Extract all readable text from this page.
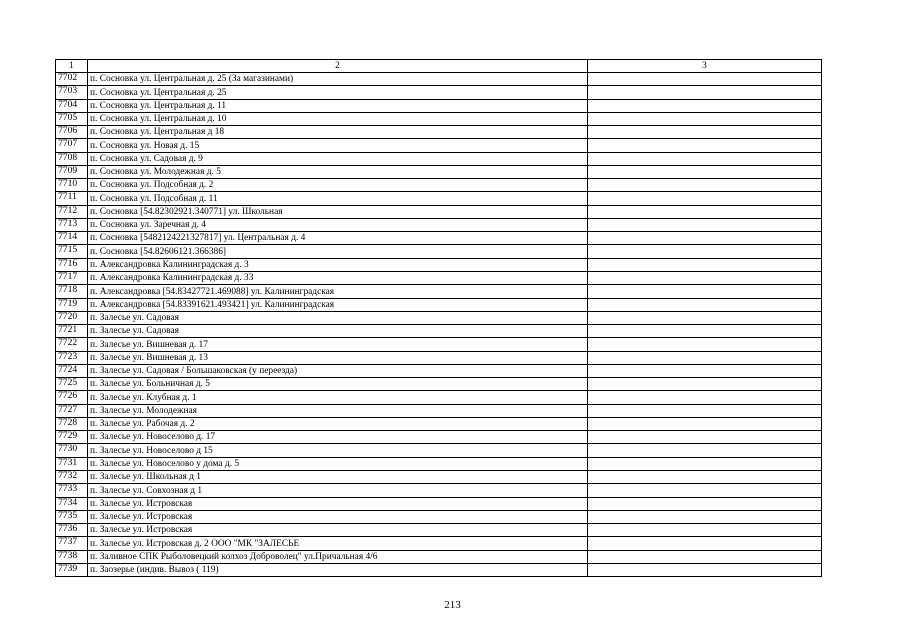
1	2	3
7702	п. Сосновка ул. Центральная д. 25 (За магазинами)	
7703	п. Сосновка ул. Центральная д. 25	
7704	п. Сосновка ул. Центральная д. 11	
7705	п. Сосновка ул. Центральная д. 10	
7706	п. Сосновка ул. Центральная д 18	
7707	п. Сосновка ул. Новая д. 15	
7708	п. Сосновка ул. Садовая д. 9	
7709	п. Сосновка ул. Молодежная д. 5	
7710	п. Сосновка ул. Подсобная д. 2	
7711	п. Сосновка ул. Подсобная д. 11	
7712	п. Сосновка [54.82302921.340771] ул. Школьная	
7713	п. Сосновка ул. Заречная д. 4	
7714	п. Сосновка [5482124221327817] ул. Центральная д. 4	
7715	п. Сосновка [54.82606121.366386]	
7716	п. Александровка Калининградская д. 3	
7717	п. Александровка Калининградская д. 33	
7718	п. Александровка [54.83427721.469088] ул. Калининградская	
7719	п. Александровка [54.83391621.493421] ул. Калининградская	
7720	п. Залесье ул. Садовая	
7721	п. Залесье ул. Садовая	
7722	п. Залесье ул. Вишневая д. 17	
7723	п. Залесье ул. Вишневая д. 13	
7724	п. Залесье ул. Садовая / Большаковская (у переезда)	
7725	п. Залесье ул. Больничная д. 5	
7726	п. Залесье ул. Клубная д. 1	
7727	п. Залесье ул. Молодежная	
7728	п. Залесье ул. Рабочая д. 2	
7729	п. Залесье ул. Новоселово д. 17	
7730	п. Залесье ул. Новоселово д 15	
7731	п. Залесье ул. Новоселово у дома д. 5	
7732	п. Залесье ул. Школьная д 1	
7733	п. Залесье ул. Совхозная д 1	
7734	п. Залесье ул. Истровская	
7735	п. Залесье ул. Истровская	
7736	п. Залесье ул. Истровская	
7737	п. Залесье ул. Истровская д. 2 ООО "МК "ЗАЛЕСЬЕ	
7738	п. Заливное СПК Рыболовецкий колхоз Доброволец" ул.Причальная 4/6	
7739	п. Заозерье (индив. Вывоз ( 119)	
213
